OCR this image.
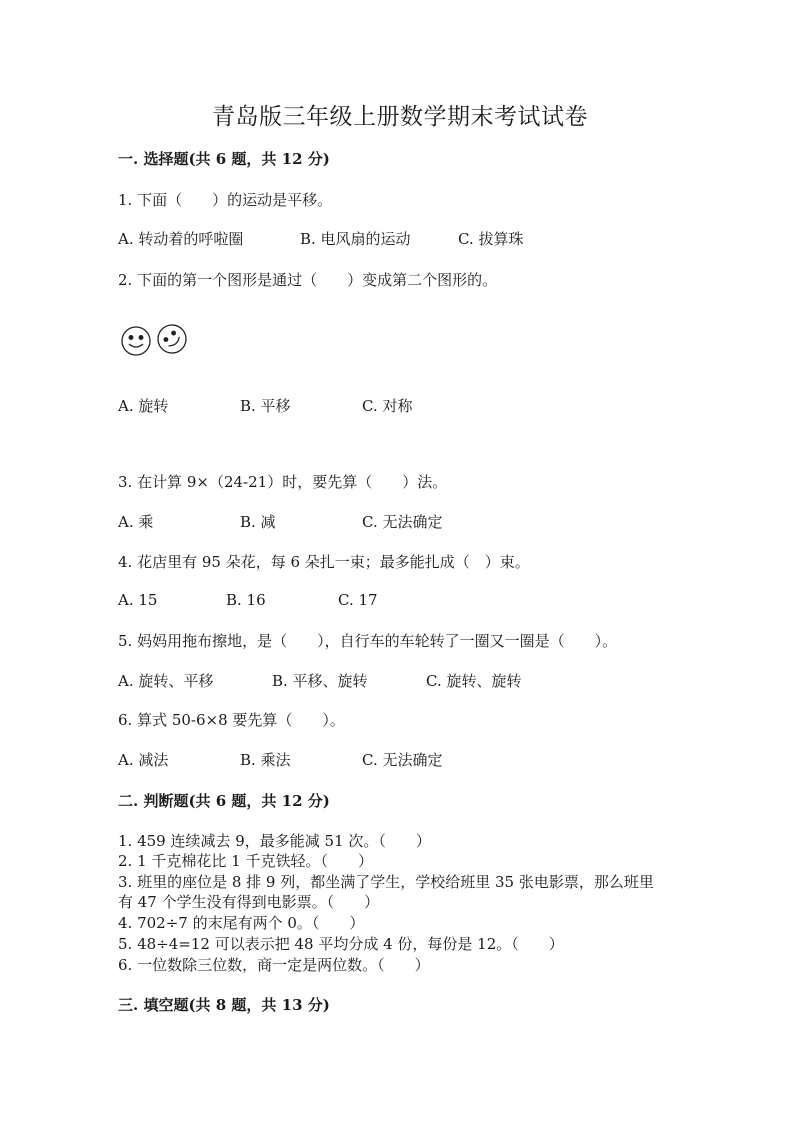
青岛版三年级上册数学期末考试试卷
一. 选择题(共 6 题，共 12 分)
1. 下面（　　）的运动是平移。
A. 转动着的呼啦圈	B. 电风扇的运动	C. 拔算珠
2. 下面的第一个图形是通过（　　）变成第二个图形的。
A. 旋转	B. 平移	C. 对称
3. 在计算 9×（24-21）时，要先算（　　）法。
A. 乘	B. 减	C. 无法确定
4. 花店里有 95 朵花，每 6 朵扎一束；最多能扎成（　）束。
A. 15	B. 16	C. 17
5. 妈妈用拖布擦地，是（　　），自行车的车轮转了一圈又一圈是（　　）。
A. 旋转、平移	B. 平移、旋转	C. 旋转、旋转
6. 算式 50-6×8 要先算（　　）。
A. 减法	B. 乘法	C. 无法确定
二. 判断题(共 6 题，共 12 分)
1. 459 连续减去 9，最多能减 51 次。（　　）
2. 1 千克棉花比 1 千克铁轻。（　　）
3. 班里的座位是 8 排 9 列，都坐满了学生，学校给班里 35 张电影票，那么班里
有 47 个学生没有得到电影票。（　　）
4. 702÷7 的末尾有两个 0。（　　）
5. 48÷4=12 可以表示把 48 平均分成 4 份，每份是 12。（　　）
6. 一位数除三位数，商一定是两位数。（　　）
三. 填空题(共 8 题，共 13 分)
